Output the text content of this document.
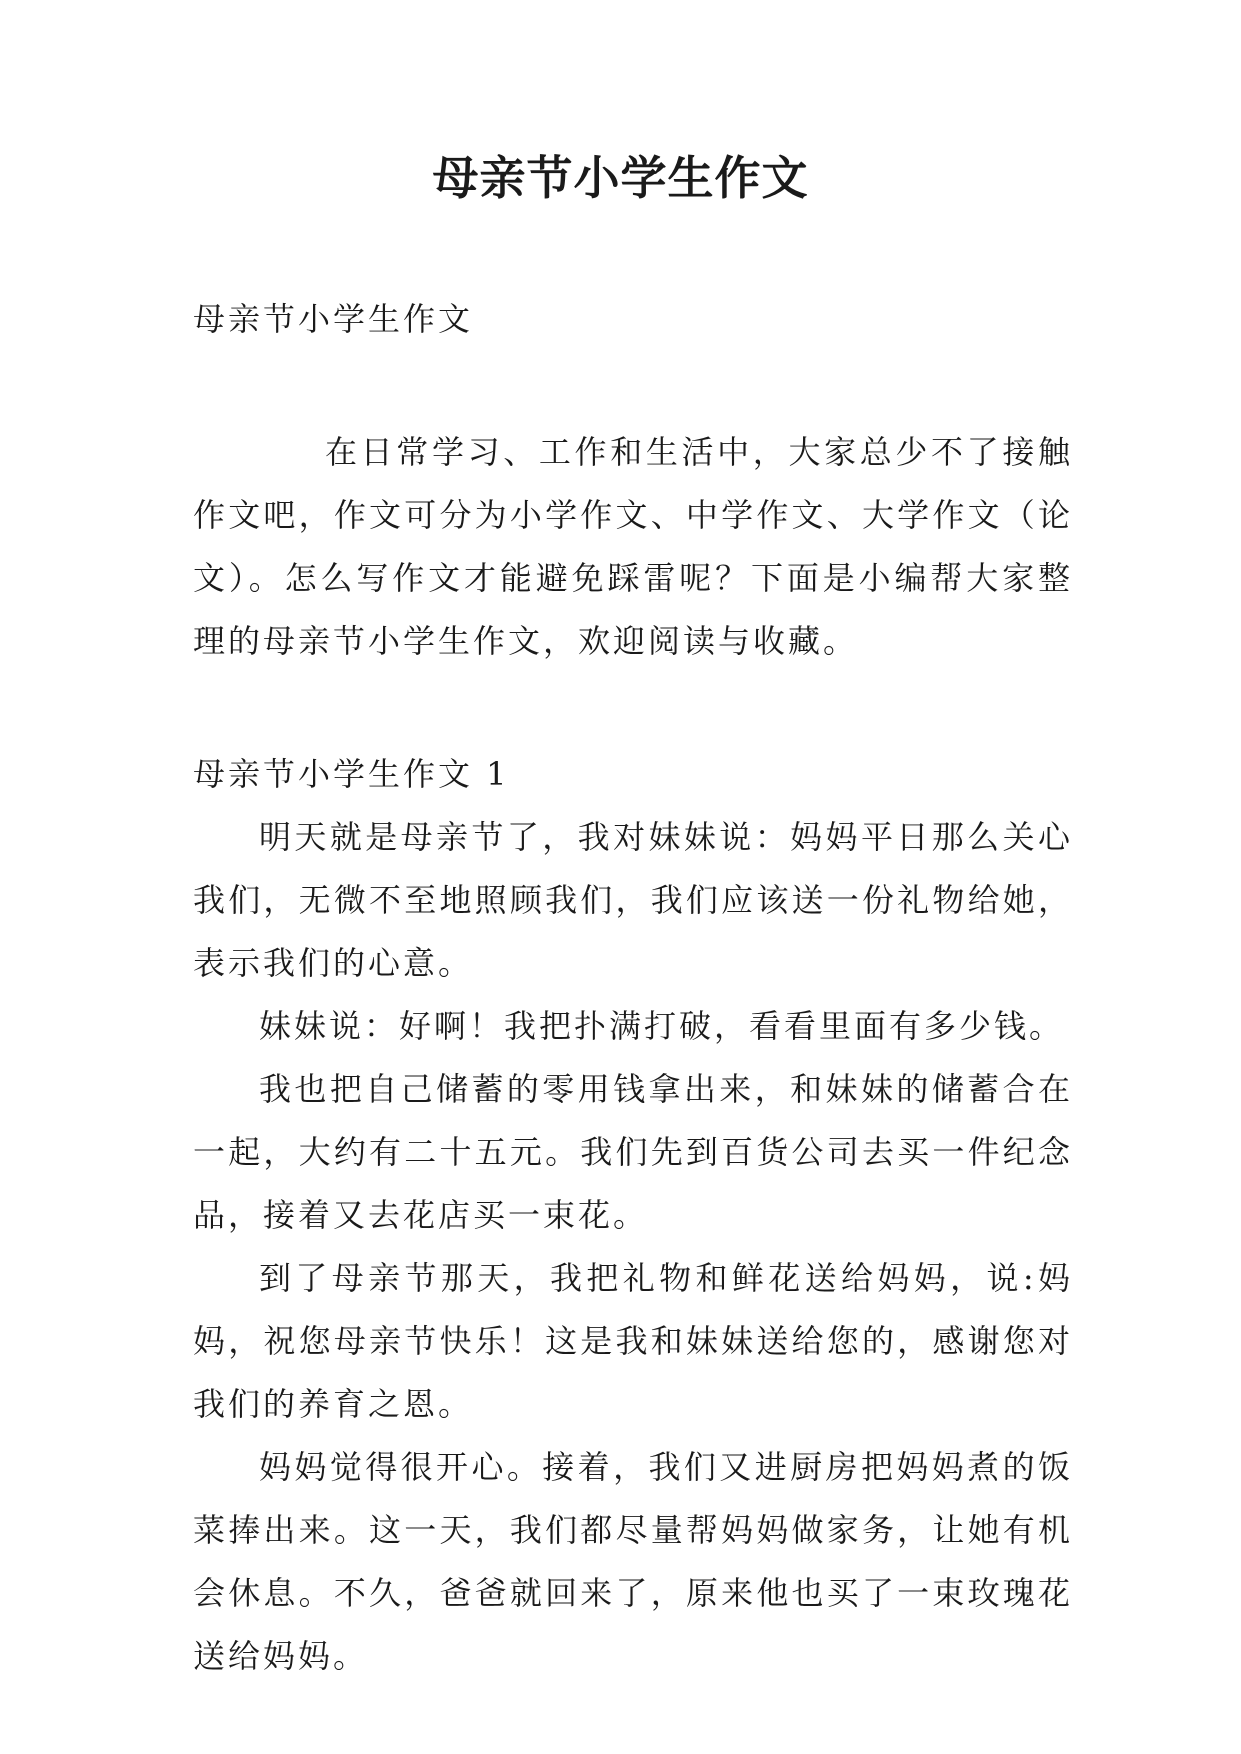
母亲节小学生作文

母亲节小学生作文

在日常学习、工作和生活中，大家总少不了接触作文吧，作文可分为小学作文、中学作文、大学作文（论文）。怎么写作文才能避免踩雷呢？下面是小编帮大家整理的母亲节小学生作文，欢迎阅读与收藏。

母亲节小学生作文 1

明天就是母亲节了，我对妹妹说：妈妈平日那么关心我们，无微不至地照顾我们，我们应该送一份礼物给她，表示我们的心意。

妹妹说：好啊！我把扑满打破，看看里面有多少钱。

我也把自己储蓄的零用钱拿出来，和妹妹的储蓄合在一起，大约有二十五元。我们先到百货公司去买一件纪念品，接着又去花店买一束花。

到了母亲节那天，我把礼物和鲜花送给妈妈，说:妈妈，祝您母亲节快乐！这是我和妹妹送给您的，感谢您对我们的养育之恩。

妈妈觉得很开心。接着，我们又进厨房把妈妈煮的饭菜捧出来。这一天，我们都尽量帮妈妈做家务，让她有机会休息。不久，爸爸就回来了，原来他也买了一束玫瑰花送给妈妈。
